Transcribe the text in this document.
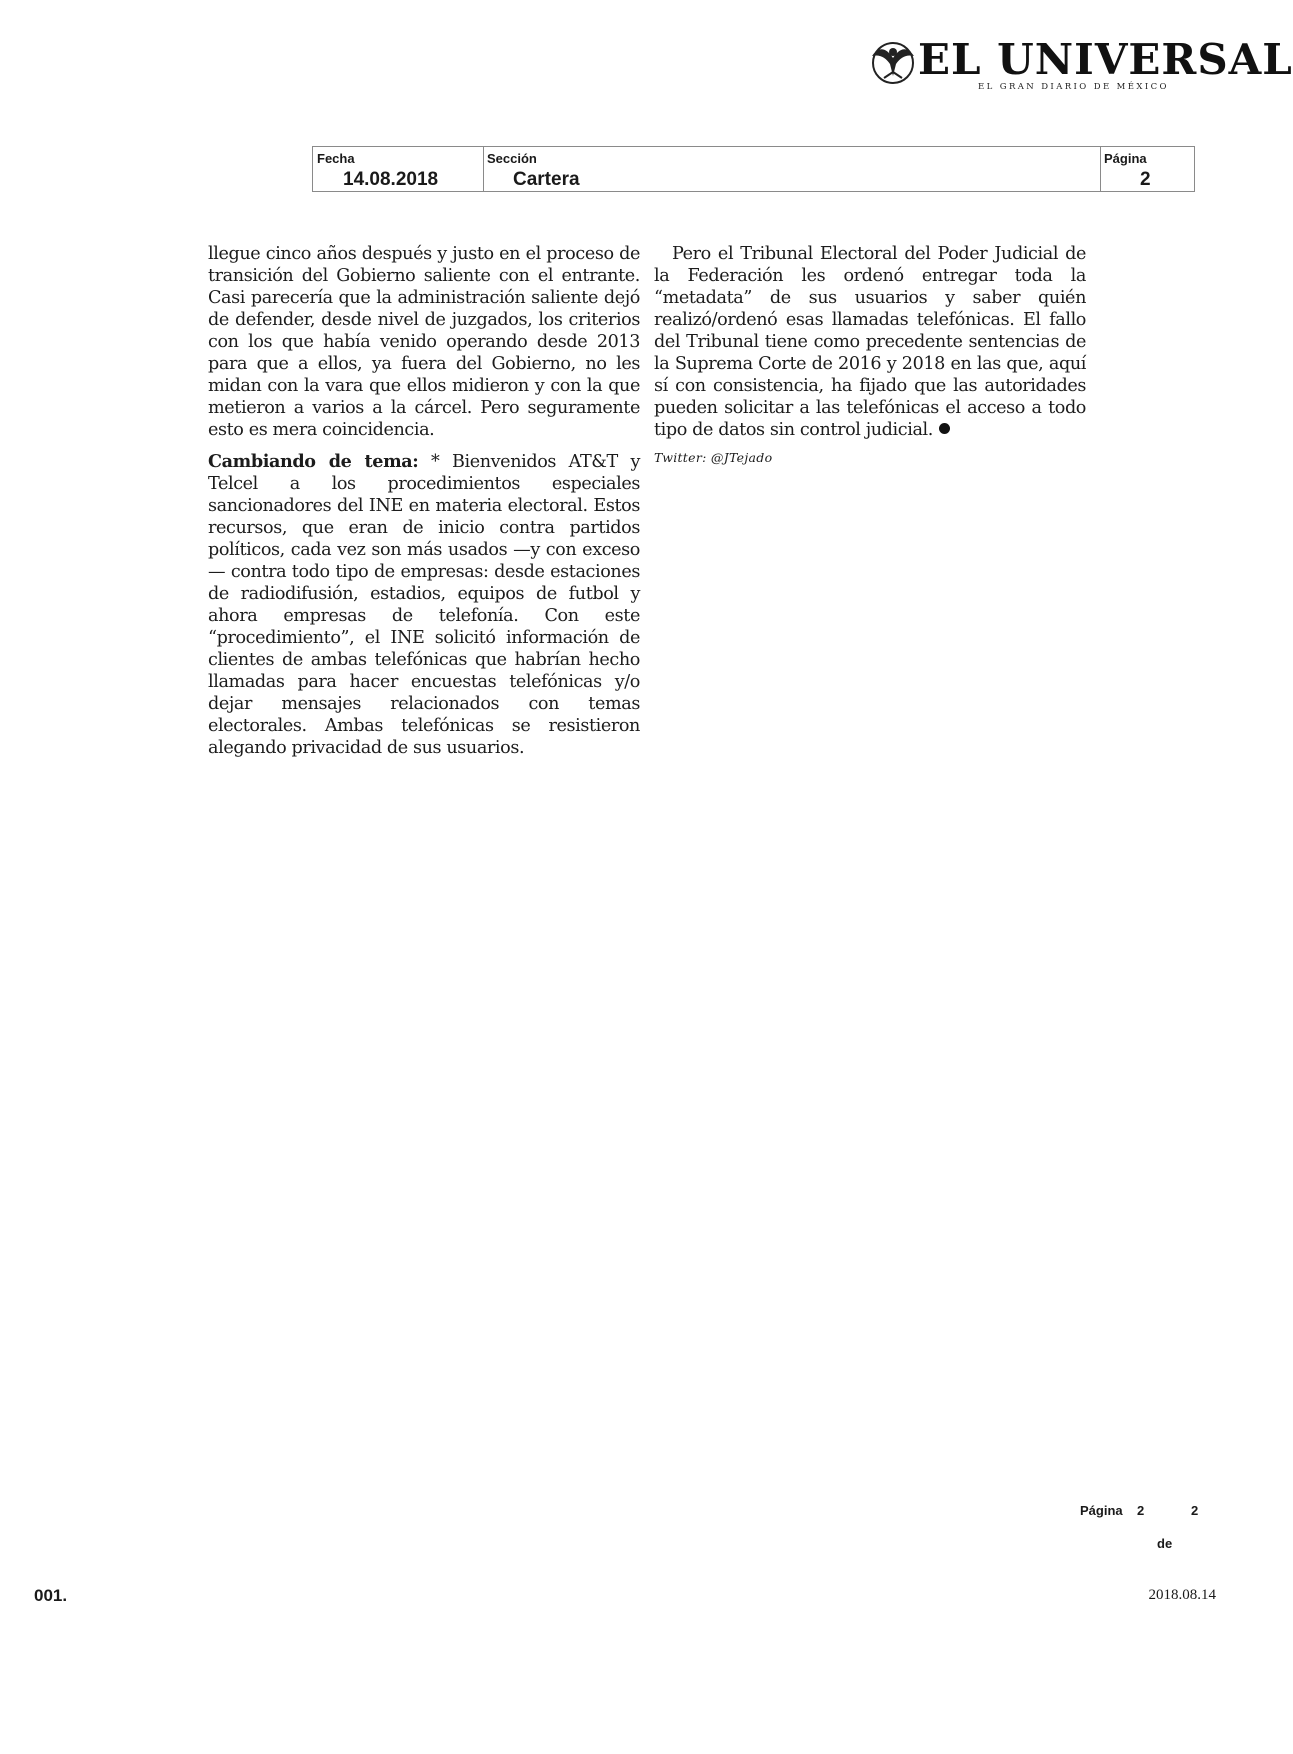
EL UNIVERSAL
EL GRAN DIARIO DE MÉXICO
Fecha
14.08.2018
Sección
Cartera
Página
2

llegue cinco años después y justo en el proceso de transición del Gobierno saliente con el entrante. Casi parecería que la administración saliente dejó de defender, desde nivel de juzgados, los criterios con los que había venido operando desde 2013 para que a ellos, ya fuera del Gobierno, no les midan con la vara que ellos midieron y con la que metieron a varios a la cárcel. Pero seguramente esto es mera coincidencia.

Cambiando de tema: * Bienvenidos AT&T y Telcel a los procedimientos especiales sancionadores del INE en materia electoral. Estos recursos, que eran de inicio contra partidos políticos, cada vez son más usados —y con exceso— contra todo tipo de empresas: desde estaciones de radiodifusión, estadios, equipos de futbol y ahora empresas de telefonía. Con este “procedimiento”, el INE solicitó información de clientes de ambas telefónicas que habrían hecho llamadas para hacer encuestas telefónicas y/o dejar mensajes relacionados con temas electorales. Ambas telefónicas se resistieron alegando privacidad de sus usuarios.

Pero el Tribunal Electoral del Poder Judicial de la Federación les ordenó entregar toda la “metadata” de sus usuarios y saber quién realizó/ordenó esas llamadas telefónicas. El fallo del Tribunal tiene como precedente sentencias de la Suprema Corte de 2016 y 2018 en las que, aquí sí con consistencia, ha fijado que las autoridades pueden solicitar a las telefónicas el acceso a todo tipo de datos sin control judicial.

Twitter: @JTejado

Página 2	2
de
001.	2018.08.14
